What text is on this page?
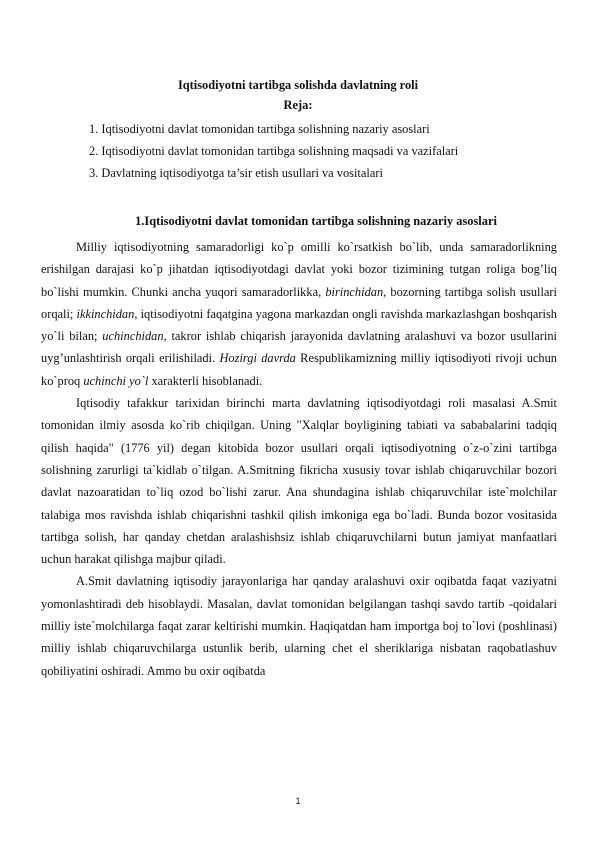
Iqtisodiyotni tartibga solishda davlatning roli
Reja:
1. Iqtisodiyotni davlat tomonidan tartibga solishning nazariy asoslari
2. Iqtisodiyotni davlat tomonidan tartibga solishning maqsadi va vazifalari
3. Davlatning iqtisodiyotga ta’sir etish usullari va vositalari
1.Iqtisodiyotni davlat tomonidan tartibga solishning nazariy asoslari

Milliy iqtisodiyotning samaradorligi ko`p omilli ko`rsatkish bo`lib, unda samaradorlikning erishilgan darajasi ko`p jihatdan iqtisodiyotdagi davlat yoki bozor tizimining tutgan roliga bog’liq bo`lishi mumkin. Chunki ancha yuqori samaradorlikka, birinchidan, bozorning tartibga solish usullari orqali; ikkinchidan, iqtisodiyotni faqatgina yagona markazdan ongli ravishda markazlashgan boshqarish yo`li bilan; uchinchidan, takror ishlab chiqarish jarayonida davlatning aralashuvi va bozor usullarini uyg’unlashtirish orqali erilishiladi. Hozirgi davrda Respublikamizning milliy iqtisodiyoti rivoji uchun ko`proq uchinchi yo`l xarakterli hisoblanadi.

Iqtisodiy tafakkur tarixidan birinchi marta davlatning iqtisodiyotdagi roli masalasi A.Smit tomonidan ilmiy asosda ko`rib chiqilgan. Uning "Xalqlar boyligining tabiati va sababalarini tadqiq qilish haqida" (1776 yil) degan kitobida bozor usullari orqali iqtisodiyotning o`z-o`zini tartibga solishning zarurligi ta`kidlab o`tilgan. A.Smitning fikricha xususiy tovar ishlab chiqaruvchilar bozori davlat nazoaratidan to`liq ozod bo`lishi zarur. Ana shundagina ishlab chiqaruvchilar iste`molchilar talabiga mos ravishda ishlab chiqarishni tashkil qilish imkoniga ega bo`ladi. Bunda bozor vositasida tartibga solish, har qanday chetdan aralashishsiz ishlab chiqaruvchilarni butun jamiyat manfaatlari uchun harakat qilishga majbur qiladi.

A.Smit davlatning iqtisodiy jarayonlariga har qanday aralashuvi oxir oqibatda faqat vaziyatni yomonlashtiradi deb hisoblaydi. Masalan, davlat tomonidan belgilangan tashqi savdo tartib -qoidalari milliy iste`molchilarga faqat zarar keltirishi mumkin. Haqiqatdan ham importga boj to`lovi (poshlinasi) milliy ishlab chiqaruvchilarga ustunlik berib, ularning chet el sheriklariga nisbatan raqobatlashuv qobiliyatini oshiradi. Ammo bu oxir oqibatda

1
